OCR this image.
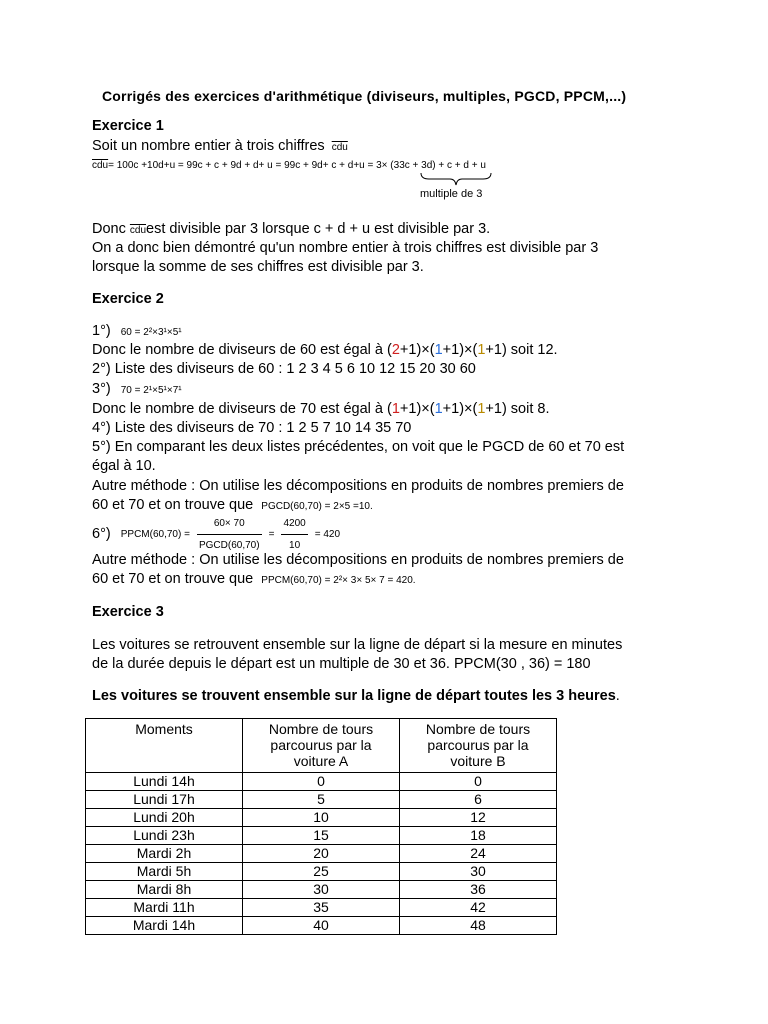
Corrigés des exercices d'arithmétique (diviseurs, multiples, PGCD, PPCM,...)
Exercice 1
Soit un nombre entier à trois chiffres $\overline{cdu}$
$\overline{cdu}= 100c +10d+u = 99c + c + 9d + d+ u = 99c + 9d+ c + d+u = 3\times (33c + 3d) + c + d + u$
multiple de 3
Donc $\overline{cdu}est$ divisible par 3 lorsque c + d + u est divisible par 3.
On a donc bien démontré qu'un nombre entier à trois chiffres est divisible par 3
lorsque la somme de ses chiffres est divisible par 3.
Exercice 2
1°) 60 = 2²×3¹×5¹
Donc le nombre de diviseurs de 60 est égal à (2+1)×(1+1)×(1+1) soit 12.
2°) Liste des diviseurs de 60 : 1 2 3 4 5 6 10 12 15 20 30 60
3°) 70 = 2¹×5¹×7¹
Donc le nombre de diviseurs de 70 est égal à (1+1)×(1+1)×(1+1) soit 8.
4°) Liste des diviseurs de 70 : 1 2 5 7 10 14 35 70
5°) En comparant les deux listes précédentes, on voit que le PGCD de 60 et 70 est
égal à 10.
Autre méthode : On utilise les décompositions en produits de nombres premiers de
60 et 70 et on trouve que PGCD(60,70) = 2×5 =10.
6°) PPCM(60,70) = $\frac{60\times 70}{\text{PGCD(60,70)}} = \frac{4200}{10} = 420$
Autre méthode : On utilise les décompositions en produits de nombres premiers de
60 et 70 et on trouve que PPCM(60,70) = 2²× 3× 5× 7 = 420.
Exercice 3
Les voitures se retrouvent ensemble sur la ligne de départ si la mesure en minutes
de la durée depuis le départ est un multiple de 30 et 36. PPCM(30 , 36) = 180
Les voitures se trouvent ensemble sur la ligne de départ toutes les 3 heures.
Moments	Nombre de tours parcourus par la voiture A	Nombre de tours parcourus par la voiture B
Lundi 14h	0	0
Lundi 17h	5	6
Lundi 20h	10	12
Lundi 23h	15	18
Mardi 2h	20	24
Mardi 5h	25	30
Mardi 8h	30	36
Mardi 11h	35	42
Mardi 14h	40	48
